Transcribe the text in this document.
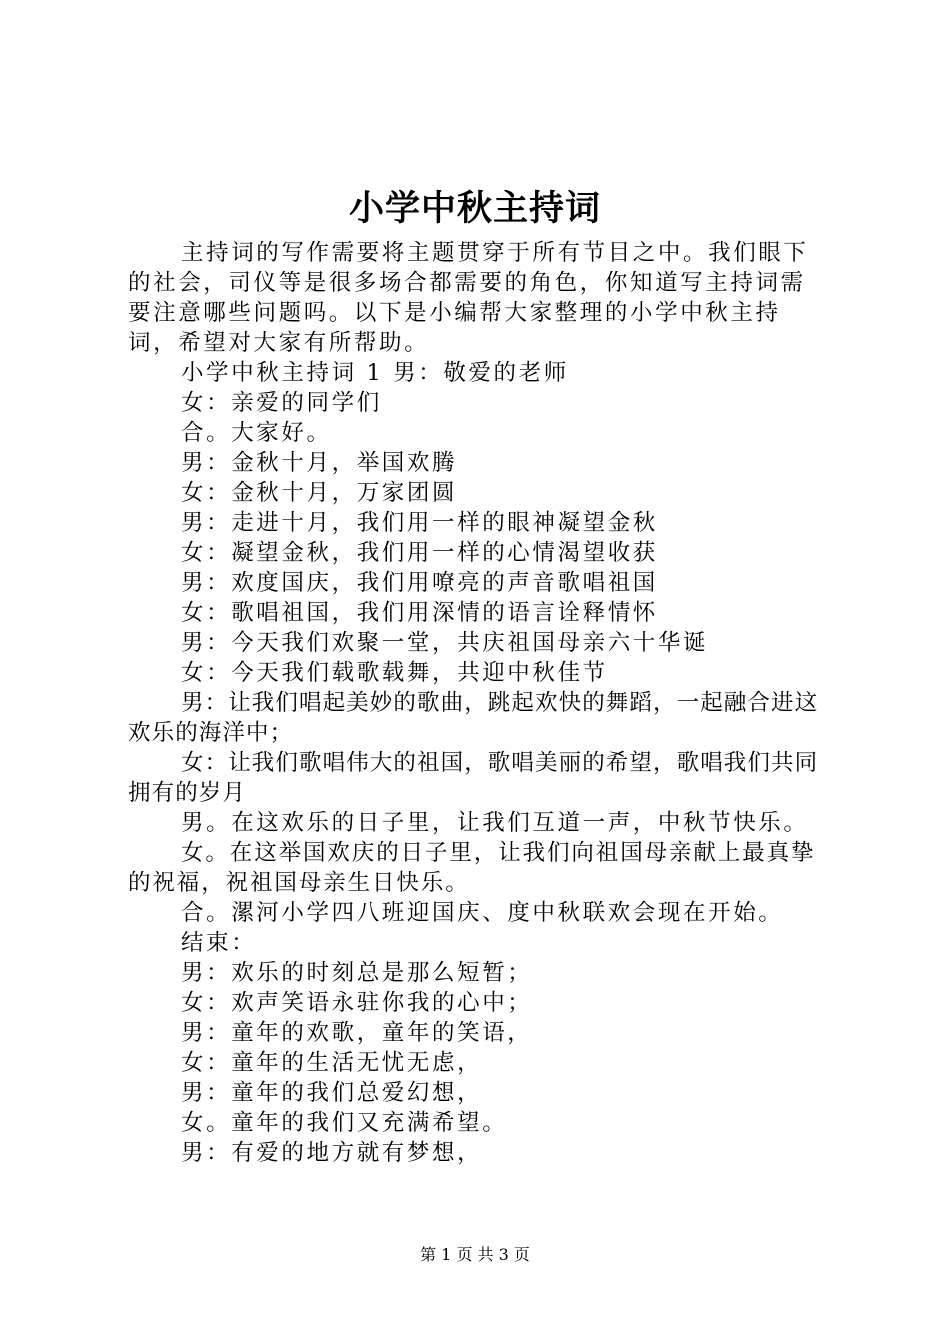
小学中秋主持词

主持词的写作需要将主题贯穿于所有节目之中。我们眼下的社会，司仪等是很多场合都需要的角色，你知道写主持词需要注意哪些问题吗。以下是小编帮大家整理的小学中秋主持词，希望对大家有所帮助。

小学中秋主持词 1 男：敬爱的老师

女：亲爱的同学们

合。大家好。

男：金秋十月，举国欢腾

女：金秋十月，万家团圆

男：走进十月，我们用一样的眼神凝望金秋

女：凝望金秋，我们用一样的心情渴望收获

男：欢度国庆，我们用嘹亮的声音歌唱祖国

女：歌唱祖国，我们用深情的语言诠释情怀

男：今天我们欢聚一堂，共庆祖国母亲六十华诞

女：今天我们载歌载舞，共迎中秋佳节

男：让我们唱起美妙的歌曲，跳起欢快的舞蹈，一起融合进这欢乐的海洋中；

女：让我们歌唱伟大的祖国，歌唱美丽的希望，歌唱我们共同拥有的岁月

男。在这欢乐的日子里，让我们互道一声，中秋节快乐。

女。在这举国欢庆的日子里，让我们向祖国母亲献上最真挚的祝福，祝祖国母亲生日快乐。

合。漯河小学四八班迎国庆、度中秋联欢会现在开始。

结束：

男：欢乐的时刻总是那么短暂；

女：欢声笑语永驻你我的心中；

男：童年的欢歌，童年的笑语，

女：童年的生活无忧无虑，

男：童年的我们总爱幻想，

女。童年的我们又充满希望。

男：有爱的地方就有梦想，

第 1 页 共 3 页
